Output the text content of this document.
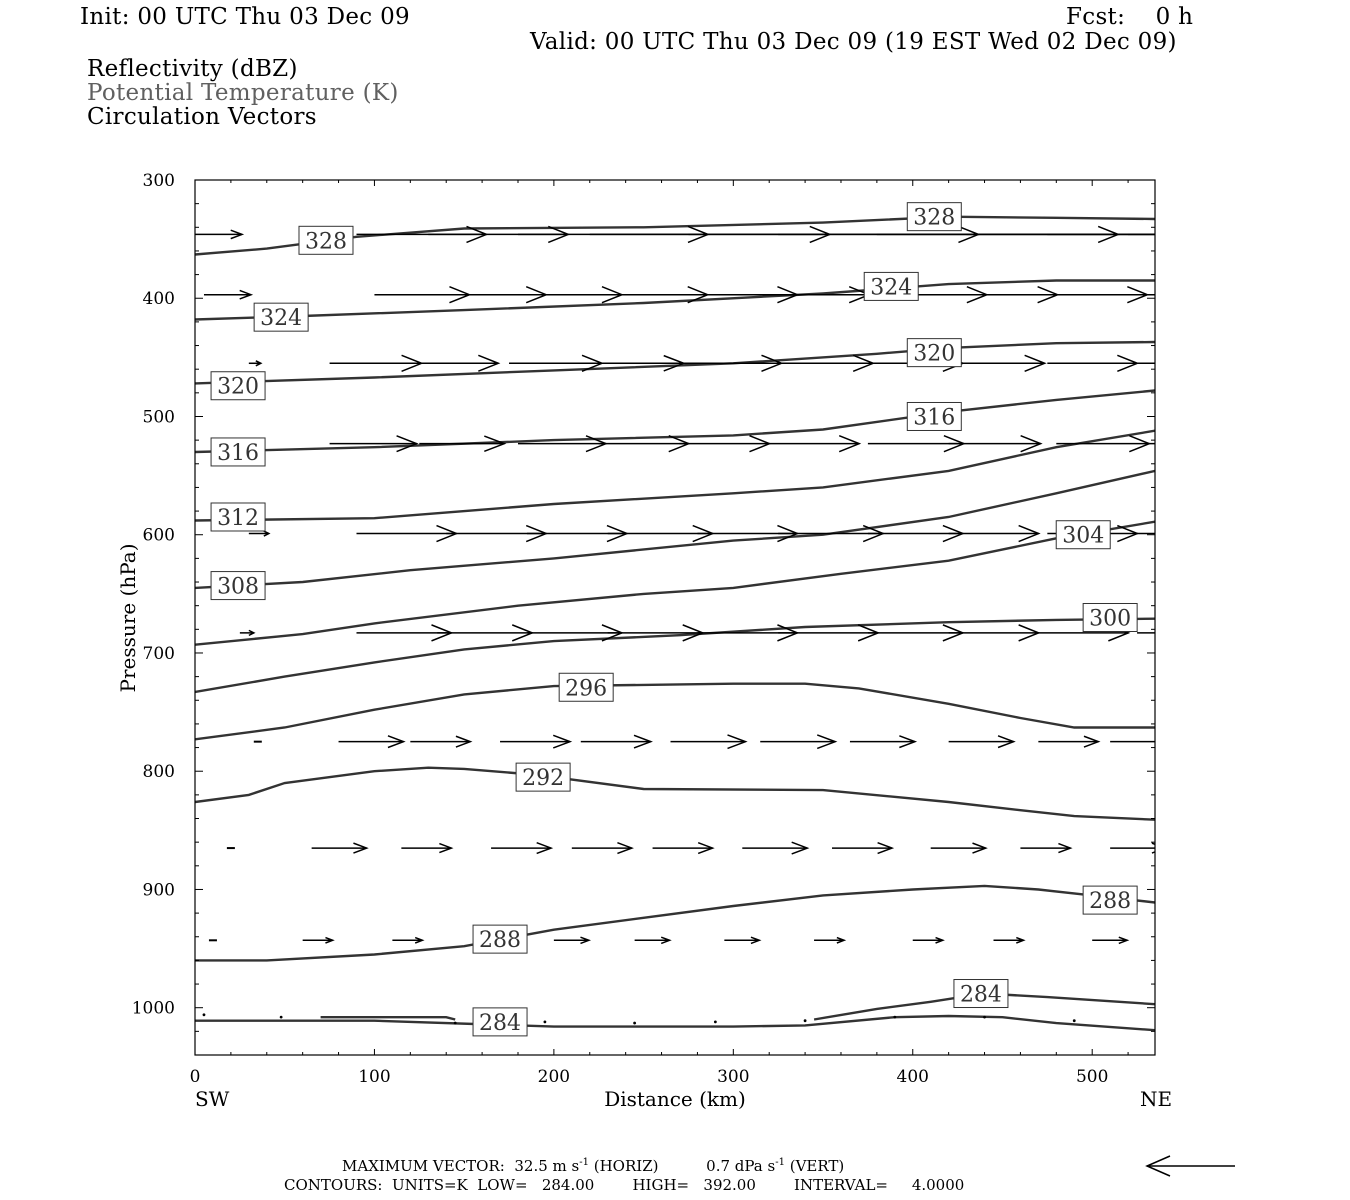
Init: 00 UTC Thu 03 Dec 09	Fcst:    0 h
Valid: 00 UTC Thu 03 Dec 09 (19 EST Wed 02 Dec 09)
Reflectivity (dBZ)
Potential Temperature (K)
Circulation Vectors
328
328
324
324
320
320
316
316
312
308
304
300
296
292
288
288
284
284
0	100	200	300	400	500
300
400
500
600
700
800
900
1000
Distance (km)
SW	NE
Pressure (hPa)
MAXIMUM VECTOR:  32.5 m $s^{-1}$ (HORIZ)          0.7 dPa $s^{-1}$ (VERT)
CONTOURS:  UNITS=K  LOW=   284.00        HIGH=   392.00        INTERVAL=     4.0000
